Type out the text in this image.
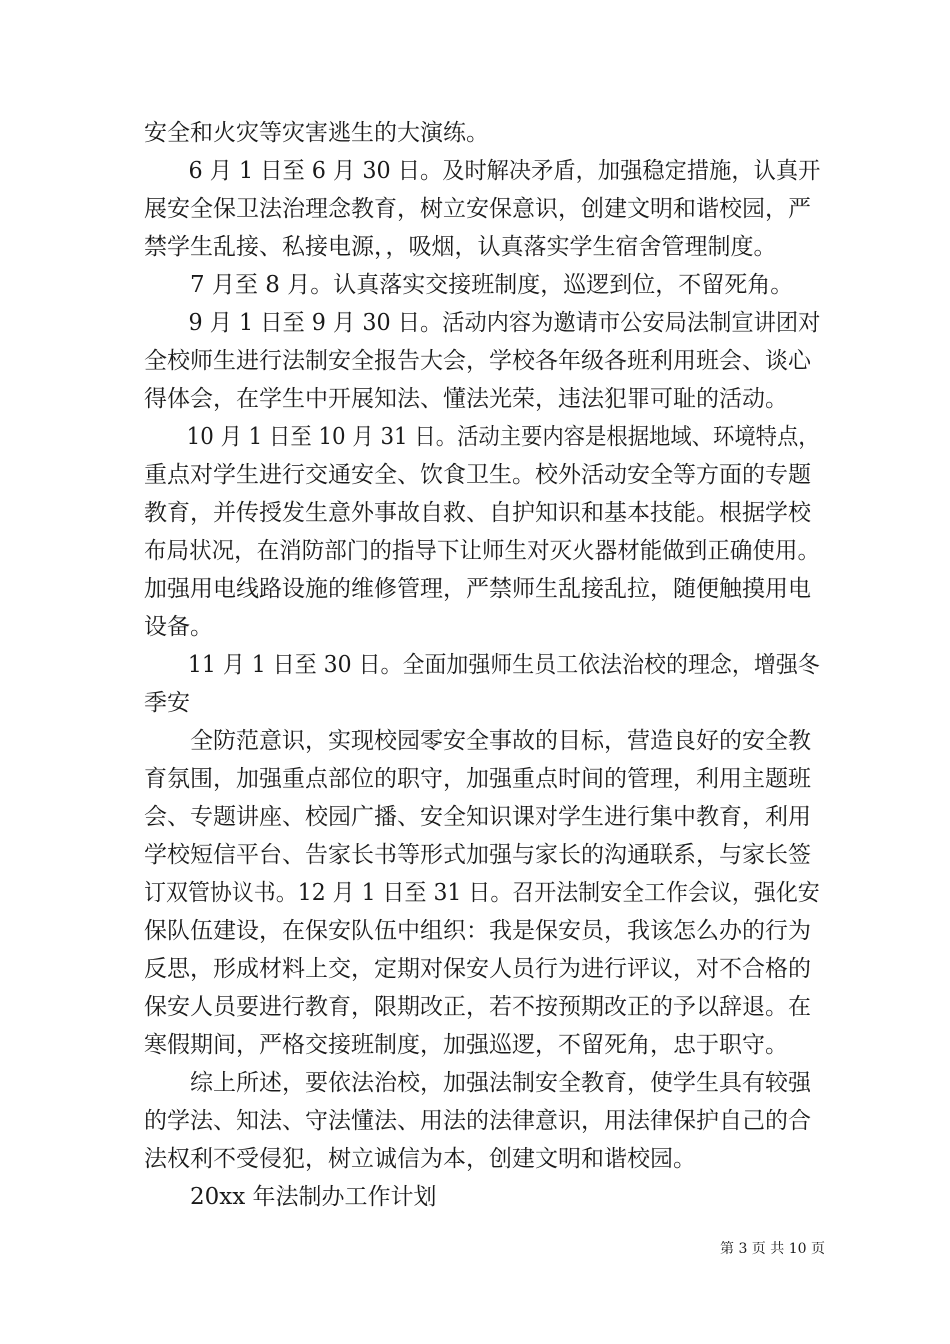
安全和火灾等灾害逃生的大演练。
6 月 1 日至 6 月 30 日。及时解决矛盾，加强稳定措施，认真开
展安全保卫法治理念教育，树立安保意识，创建文明和谐校园，严
禁学生乱接、私接电源，，吸烟，认真落实学生宿舍管理制度。
7 月至 8 月。认真落实交接班制度，巡逻到位，不留死角。
9 月 1 日至 9 月 30 日。活动内容为邀请市公安局法制宣讲团对
全校师生进行法制安全报告大会，学校各年级各班利用班会、谈心
得体会，在学生中开展知法、懂法光荣，违法犯罪可耻的活动。
10 月 1 日至 10 月 31 日。活动主要内容是根据地域、环境特点，
重点对学生进行交通安全、饮食卫生。校外活动安全等方面的专题
教育，并传授发生意外事故自救、自护知识和基本技能。根据学校
布局状况，在消防部门的指导下让师生对灭火器材能做到正确使用。
加强用电线路设施的维修管理，严禁师生乱接乱拉，随便触摸用电
设备。
11 月 1 日至 30 日。全面加强师生员工依法治校的理念，增强冬
季安
全防范意识，实现校园零安全事故的目标，营造良好的安全教
育氛围，加强重点部位的职守，加强重点时间的管理，利用主题班
会、专题讲座、校园广播、安全知识课对学生进行集中教育，利用
学校短信平台、告家长书等形式加强与家长的沟通联系，与家长签
订双管协议书。12 月 1 日至 31 日。召开法制安全工作会议，强化安
保队伍建设，在保安队伍中组织：我是保安员，我该怎么办的行为
反思，形成材料上交，定期对保安人员行为进行评议，对不合格的
保安人员要进行教育，限期改正，若不按预期改正的予以辞退。在
寒假期间，严格交接班制度，加强巡逻，不留死角，忠于职守。
综上所述，要依法治校，加强法制安全教育，使学生具有较强
的学法、知法、守法懂法、用法的法律意识，用法律保护自己的合
法权利不受侵犯，树立诚信为本，创建文明和谐校园。
20xx 年法制办工作计划
第 3 页 共 10 页
